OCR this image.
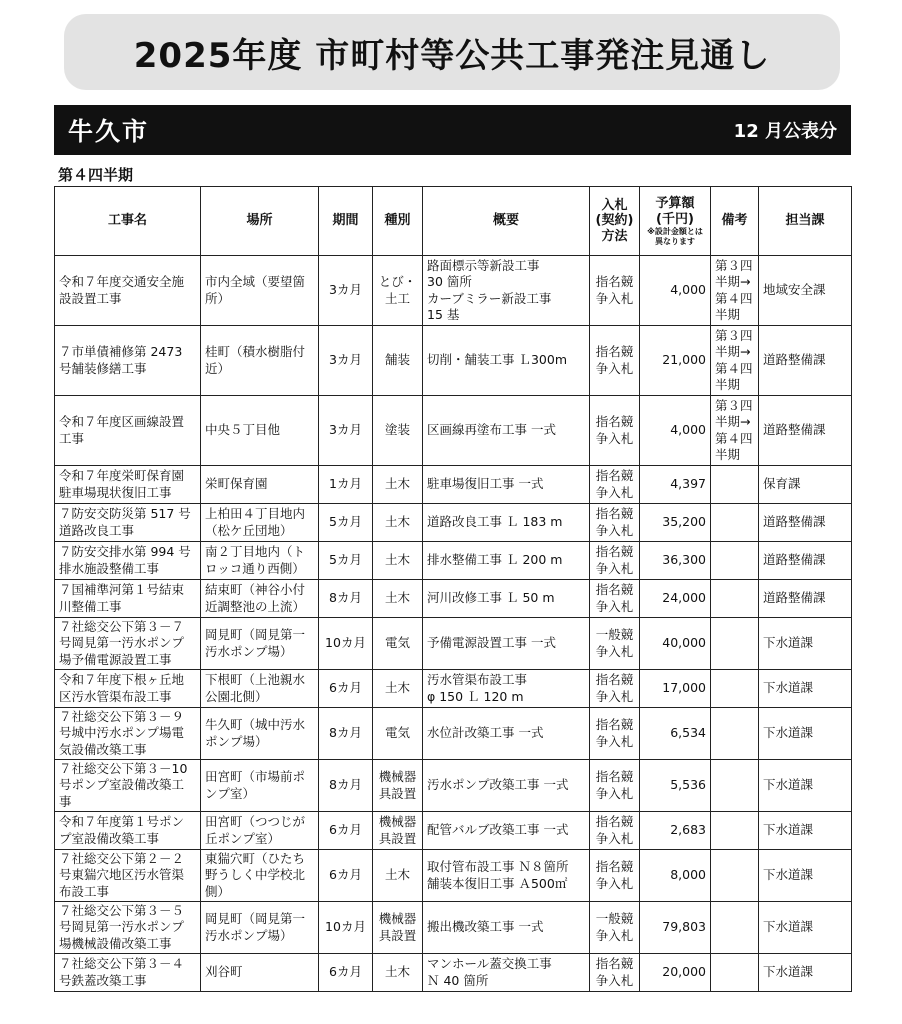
2025年度 市町村等公共工事発注見通し
牛久市	12 月公表分
第４四半期
工事名	場所	期間	種別	概要	入札
(契約)
方法	予算額
(千円)
※設計金額とは異なります	備考	担当課
令和７年度交通安全施設設置工事	市内全域（要望箇所）	3カ月	とび・土工	路面標示等新設工事
30 箇所
カーブミラー新設工事
15 基	指名競争入札	4,000	第３四半期→第４四半期	地域安全課
７市単債補修第 2473 号舗装修繕工事	桂町（積水樹脂付近）	3カ月	舗装	切削・舗装工事 Ｌ300m	指名競争入札	21,000	第３四半期→第４四半期	道路整備課
令和７年度区画線設置工事	中央５丁目他	3カ月	塗装	区画線再塗布工事 一式	指名競争入札	4,000	第３四半期→第４四半期	道路整備課
令和７年度栄町保育園駐車場現状復旧工事	栄町保育園	1カ月	土木	駐車場復旧工事 一式	指名競争入札	4,397		保育課
７防安交防災第 517 号道路改良工事	上柏田４丁目地内（松ケ丘団地）	5カ月	土木	道路改良工事 Ｌ 183 m	指名競争入札	35,200		道路整備課
７防安交排水第 994 号排水施設整備工事	南２丁目地内（トロッコ通り西側）	5カ月	土木	排水整備工事 Ｌ 200 m	指名競争入札	36,300		道路整備課
７国補準河第１号結束川整備工事	結束町（神谷小付近調整池の上流）	8カ月	土木	河川改修工事 Ｌ 50 m	指名競争入札	24,000		道路整備課
７社総交公下第３－７号岡見第一汚水ポンプ場予備電源設置工事	岡見町（岡見第一汚水ポンプ場）	10カ月	電気	予備電源設置工事 一式	一般競争入札	40,000		下水道課
令和７年度下根ヶ丘地区汚水管渠布設工事	下根町（上池親水公園北側）	6カ月	土木	汚水管渠布設工事
φ 150 Ｌ 120 m	指名競争入札	17,000		下水道課
７社総交公下第３－９号城中汚水ポンプ場電気設備改築工事	牛久町（城中汚水ポンプ場）	8カ月	電気	水位計改築工事 一式	指名競争入札	6,534		下水道課
７社総交公下第３－10 号ポンプ室設備改築工事	田宮町（市場前ポンプ室）	8カ月	機械器具設置	汚水ポンプ改築工事 一式	指名競争入札	5,536		下水道課
令和７年度第１号ポンプ室設備改築工事	田宮町（つつじが丘ポンプ室）	6カ月	機械器具設置	配管バルブ改築工事 一式	指名競争入札	2,683		下水道課
７社総交公下第２－２号東猯穴地区汚水管渠布設工事	東猯穴町（ひたち野うしく中学校北側）	6カ月	土木	取付管布設工事 Ｎ８箇所
舗装本復旧工事 Ａ500㎡	指名競争入札	8,000		下水道課
７社総交公下第３－５号岡見第一汚水ポンプ場機械設備改築工事	岡見町（岡見第一汚水ポンプ場）	10カ月	機械器具設置	搬出機改築工事 一式	一般競争入札	79,803		下水道課
７社総交公下第３－４号鉄蓋改築工事	刈谷町	6カ月	土木	マンホール蓋交換工事
Ｎ 40 箇所	指名競争入札	20,000		下水道課
